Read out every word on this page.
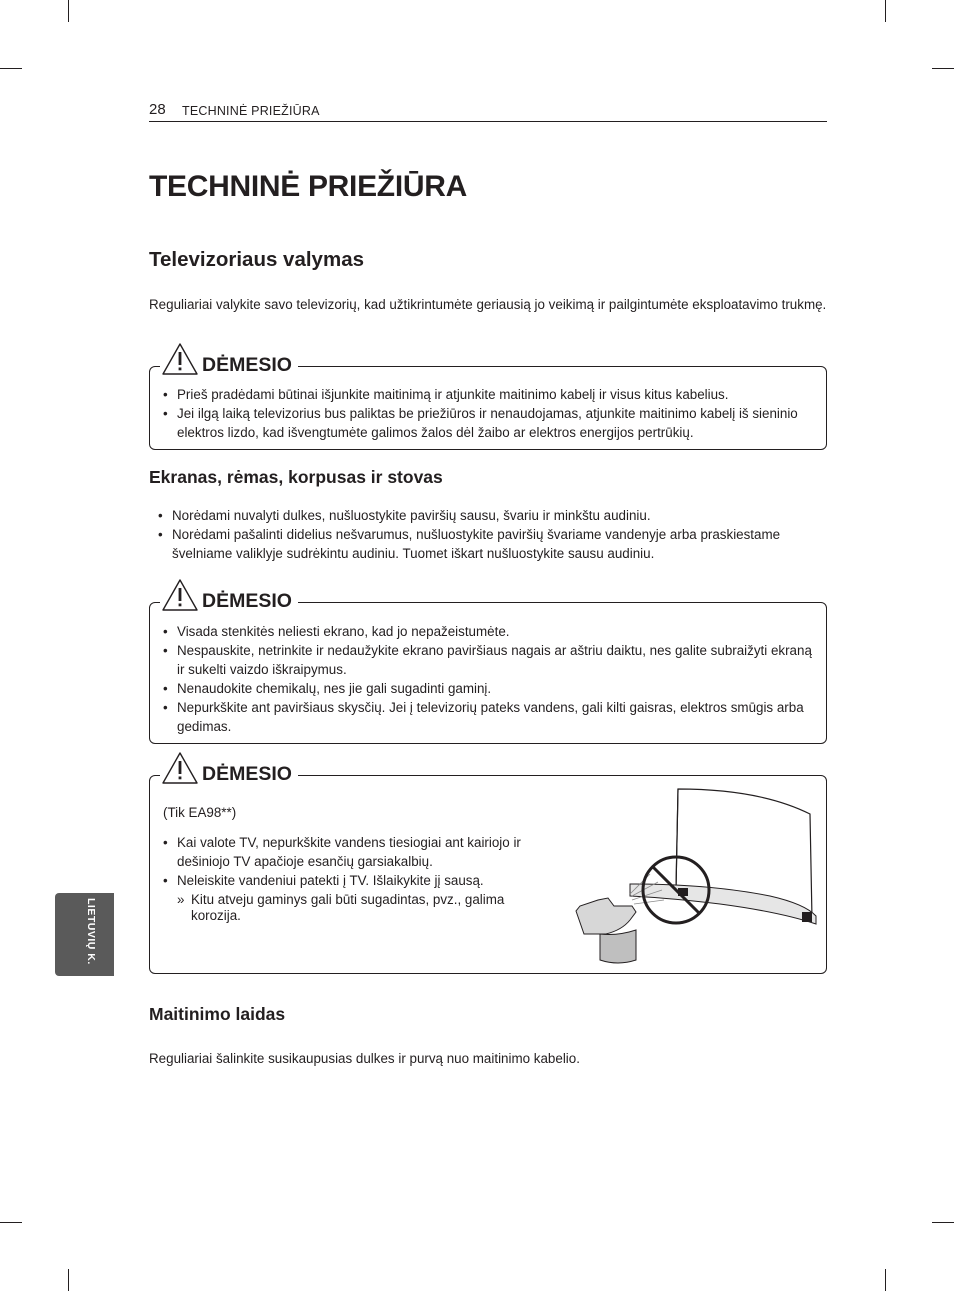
28 TECHNINĖ PRIEŽIŪRA
TECHNINĖ PRIEŽIŪRA
Televizoriaus valymas
Reguliariai valykite savo televizorių, kad užtikrintumėte geriausią jo veikimą ir pailgintumėte eksploatavimo trukmę.
DĖMESIO
• Prieš pradėdami būtinai išjunkite maitinimą ir atjunkite maitinimo kabelį ir visus kitus kabelius.
• Jei ilgą laiką televizorius bus paliktas be priežiūros ir nenaudojamas, atjunkite maitinimo kabelį iš sieninio elektros lizdo, kad išvengtumėte galimos žalos dėl žaibo ar elektros energijos pertrūkių.
Ekranas, rėmas, korpusas ir stovas
• Norėdami nuvalyti dulkes, nušluostykite paviršių sausu, švariu ir minkštu audiniu.
• Norėdami pašalinti didelius nešvarumus, nušluostykite paviršių švariame vandenyje arba praskiestame švelniame valiklyje sudrėkintu audiniu. Tuomet iškart nušluostykite sausu audiniu.
DĖMESIO
• Visada stenkitės neliesti ekrano, kad jo nepažeistumėte.
• Nespauskite, netrinkite ir nedaužykite ekrano paviršiaus nagais ar aštriu daiktu, nes galite subraižyti ekraną ir sukelti vaizdo iškraipymus.
• Nenaudokite chemikalų, nes jie gali sugadinti gaminį.
• Nepurkškite ant paviršiaus skysčių. Jei į televizorių pateks vandens, gali kilti gaisras, elektros smūgis arba gedimas.
DĖMESIO
(Tik EA98**)
• Kai valote TV, nepurkškite vandens tiesiogiai ant kairiojo ir dešiniojo TV apačioje esančių garsiakalbių.
• Neleiskite vandeniui patekti į TV. Išlaikykite jį sausą.
» Kitu atveju gaminys gali būti sugadintas, pvz., galima korozija.
Maitinimo laidas
Reguliariai šalinkite susikaupusias dulkes ir purvą nuo maitinimo kabelio.
LIETUVIŲ K.
